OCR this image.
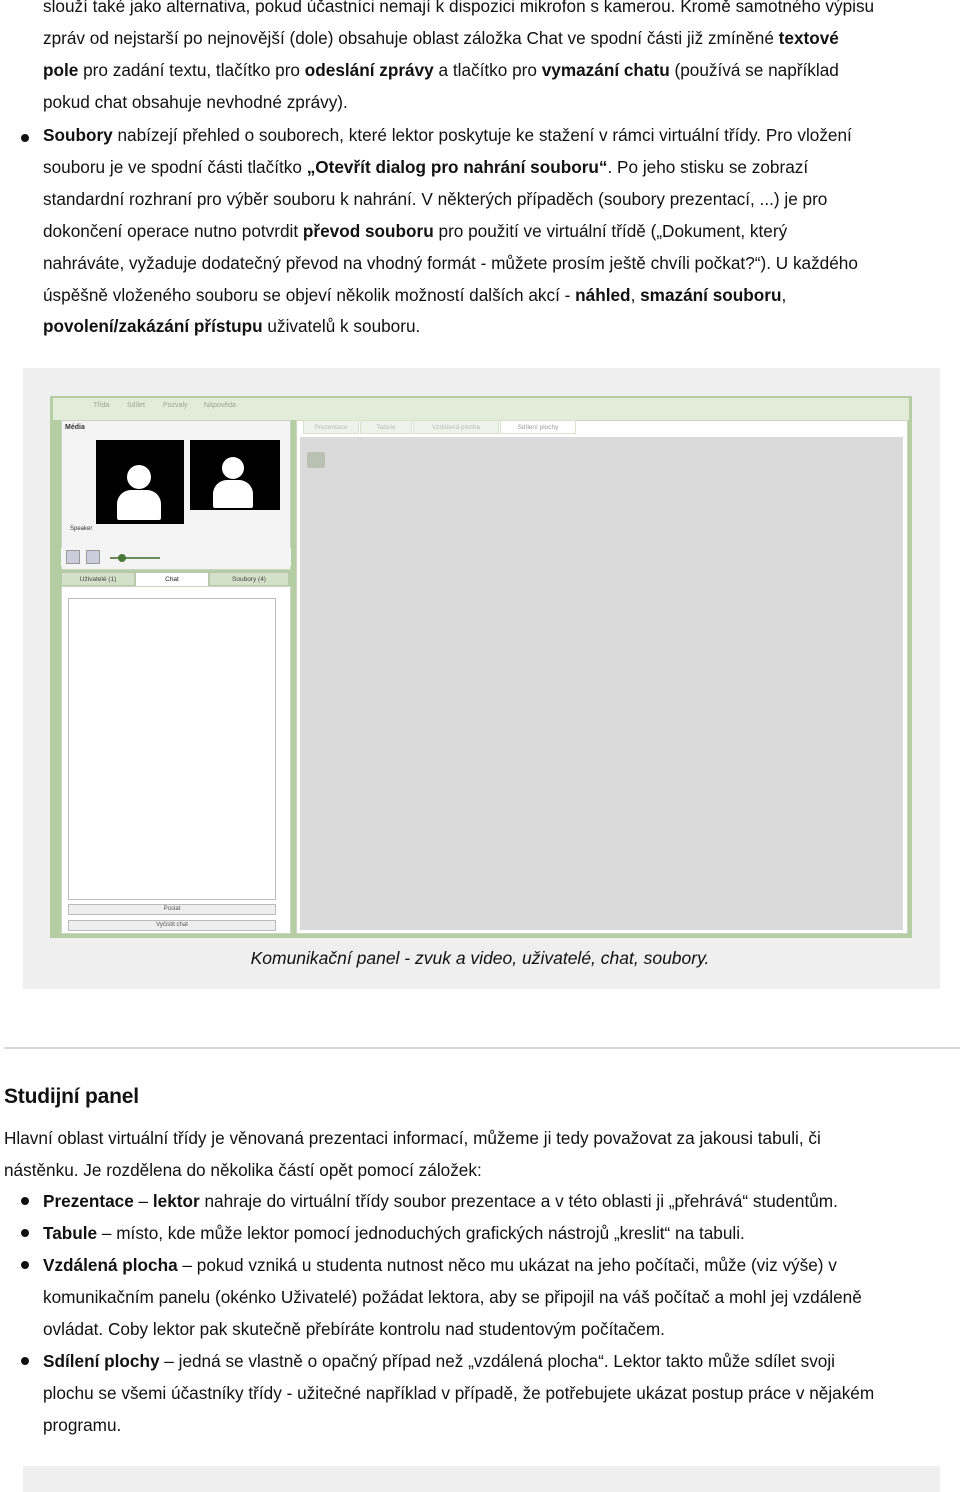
slouží také jako alternativa, pokud účastníci nemají k dispozici mikrofon s kamerou. Kromě samotného výpisu
zpráv od nejstarší po nejnovější (dole) obsahuje oblast záložka Chat ve spodní části již zmíněné textové
pole pro zadání textu, tlačítko pro odeslání zprávy a tlačítko pro vymazání chatu (používá se například
pokud chat obsahuje nevhodné zprávy).
Soubory nabízejí přehled o souborech, které lektor poskytuje ke stažení v rámci virtuální třídy. Pro vložení
souboru je ve spodní části tlačítko „Otevřít dialog pro nahrání souboru“. Po jeho stisku se zobrazí
standardní rozhraní pro výběr souboru k nahrání. V některých případěch (soubory prezentací, ...) je pro
dokončení operace nutno potvrdit převod souboru pro použití ve virtuální třídě („Dokument, který
nahráváte, vyžaduje dodatečný převod na vhodný formát - můžete prosím ještě chvíli počkat?“). U každého
úspěšně vloženého souboru se objeví několik možností dalších akcí - náhled, smazání souboru,
povolení/zakázání přístupu uživatelů k souboru.
Třída	Sdílet	Pozvaly Nápověda
Média
Speaker
Uživatelé (1)	Chat	Soubory (4)
Poslat
Vyčistit chat
Prezentace	Tabule	Vzdálená plocha	Sdílení plochy
Komunikační panel - zvuk a video, uživatelé, chat, soubory.
Studijní panel
Hlavní oblast virtuální třídy je věnovaná prezentaci informací, můžeme ji tedy považovat za jakousi tabuli, či
nástěnku. Je rozdělena do několika částí opět pomocí záložek:
Prezentace – lektor nahraje do virtuální třídy soubor prezentace a v této oblasti ji „přehrává“ studentům.
Tabule – místo, kde může lektor pomocí jednoduchých grafických nástrojů „kreslit“ na tabuli.
Vzdálená plocha – pokud vzniká u studenta nutnost něco mu ukázat na jeho počítači, může (viz výše) v
komunikačním panelu (okénko Uživatelé) požádat lektora, aby se připojil na váš počítač a mohl jej vzdáleně
ovládat. Coby lektor pak skutečně přebíráte kontrolu nad studentovým počítačem.
Sdílení plochy – jedná se vlastně o opačný případ než „vzdálená plocha“. Lektor takto může sdílet svoji
plochu se všemi účastníky třídy - užitečné například v případě, že potřebujete ukázat postup práce v nějakém
programu.
